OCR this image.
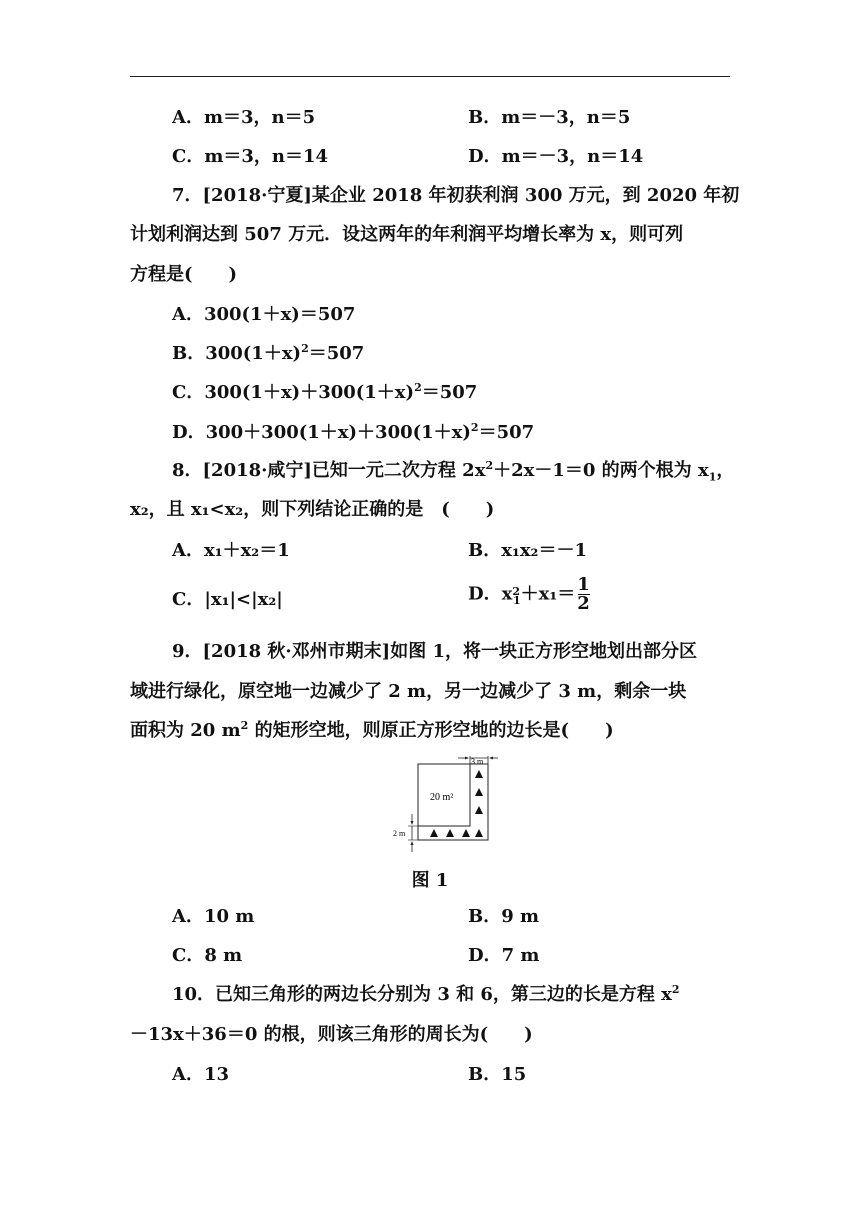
A．m＝3，n＝5	B．m＝－3，n＝5
C．m＝3，n＝14	D．m＝－3，n＝14
7．[2018·宁夏]某企业 2018 年初获利润 300 万元，到 2020 年初
计划利润达到 507 万元．设这两年的年利润平均增长率为 x，则可列
方程是(　　)
A．300(1＋x)＝507
B．$300(1+x)^2=507$
C．$300(1+x)+300(1+x)^2=507$
D．$300+300(1+x)+300(1+x)^2=507$
8．[2018·咸宁]已知一元二次方程 $2x^2+2x-1=0$ 的两个根为 $x_1$，
x₂，且 x₁<x₂，则下列结论正确的是　(　　)
A．x₁＋x₂＝1	B．x₁x₂＝－1
C．|x₁|<|x₂|	D．$x^2_1+x_1= \frac{1}{2}$
9．[2018 秋·邓州市期末]如图 1，将一块正方形空地划出部分区
域进行绿化，原空地一边减少了 2 m，另一边减少了 3 m，剩余一块
面积为 20 $m^2$ 的矩形空地，则原正方形空地的边长是(　　)
20 m²
3 m
2 m
图 1
A．10 m	B．9 m
C．8 m	D．7 m
10．已知三角形的两边长分别为 3 和 6，第三边的长是方程 $x^2$
－13x＋36＝0 的根，则该三角形的周长为(　　)
A．13	B．15
